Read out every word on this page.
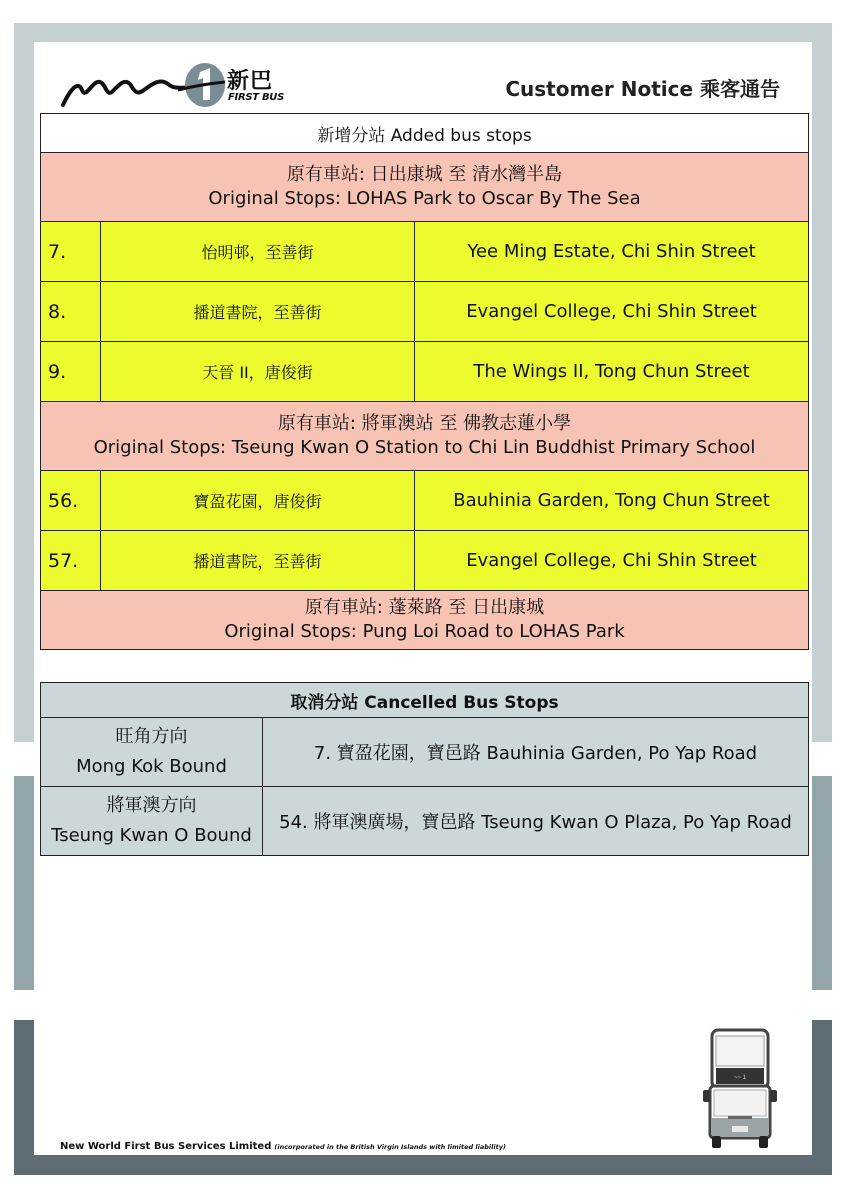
新巴
FIRST BUS	Customer Notice 乘客通告
新增分站 Added bus stops		

原有車站: 日出康城 至 清水灣半島
Original Stops: LOHAS Park to Oscar By The Sea		

7.	怡明邨，至善街	Yee Ming Estate, Chi Shin Street
8.	播道書院，至善街	Evangel College, Chi Shin Street
9.	天晉 II，唐俊街	The Wings II, Tong Chun Street

原有車站: 將軍澳站 至 佛教志蓮小學
Original Stops: Tseung Kwan O Station to Chi Lin Buddhist Primary School		

56.	寶盈花園，唐俊街	Bauhinia Garden, Tong Chun Street
57.	播道書院，至善街	Evangel College, Chi Shin Street

原有車站: 蓬萊路 至 日出康城
Original Stops: Pung Loi Road to LOHAS Park		
取消分站 Cancelled Bus Stops	

旺角方向
Mong Kok Bound	7. 寶盈花園，寶邑路 Bauhinia Garden, Po Yap Road

將軍澳方向
Tseung Kwan O Bound	54. 將軍澳廣場，寶邑路 Tseung Kwan O Plaza, Po Yap Road
~~ 1
New World First Bus Services Limited (incorporated in the British Virgin Islands with limited liability)
